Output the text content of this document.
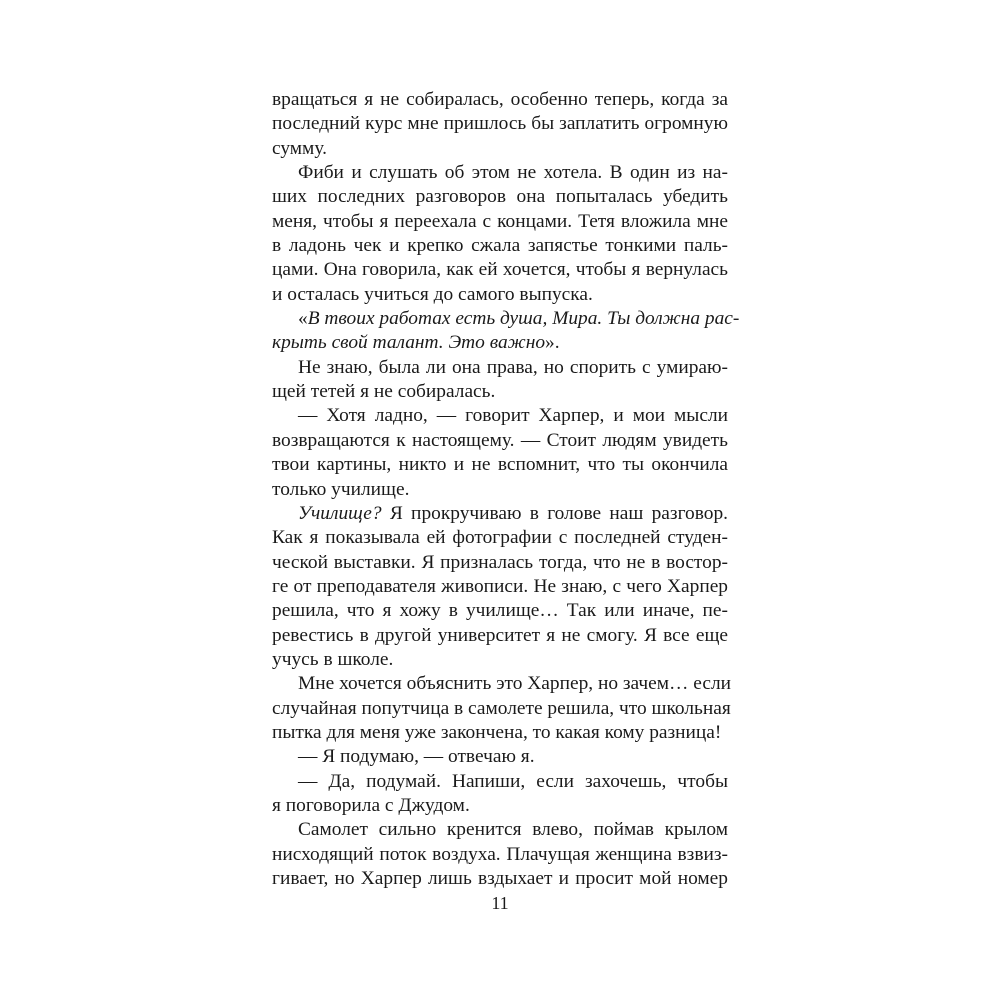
вращаться я не собиралась, особенно теперь, когда за
последний курс мне пришлось бы заплатить огромную
сумму.
Фиби и слушать об этом не хотела. В один из на-
ших последних разговоров она попыталась убедить
меня, чтобы я переехала с концами. Тетя вложила мне
в ладонь чек и крепко сжала запястье тонкими паль-
цами. Она говорила, как ей хочется, чтобы я вернулась
и осталась учиться до самого выпуска.
«В твоих работах есть душа, Мира. Ты должна рас-
крыть свой талант. Это важно».
Не знаю, была ли она права, но спорить с умираю-
щей тетей я не собиралась.
— Хотя ладно, — говорит Харпер, и мои мысли
возвращаются к настоящему. — Стоит людям увидеть
твои картины, никто и не вспомнит, что ты окончила
только училище.
Училище? Я прокручиваю в голове наш разговор.
Как я показывала ей фотографии с последней студен-
ческой выставки. Я призналась тогда, что не в востор-
ге от преподавателя живописи. Не знаю, с чего Харпер
решила, что я хожу в училище… Так или иначе, пе-
ревестись в другой университет я не смогу. Я все еще
учусь в школе.
Мне хочется объяснить это Харпер, но зачем… если
случайная попутчица в самолете решила, что школьная
пытка для меня уже закончена, то какая кому разница!
— Я подумаю, — отвечаю я.
— Да, подумай. Напиши, если захочешь, чтобы
я поговорила с Джудом.
Самолет сильно кренится влево, поймав крылом
нисходящий поток воздуха. Плачущая женщина взвиз-
гивает, но Харпер лишь вздыхает и просит мой номер
11
